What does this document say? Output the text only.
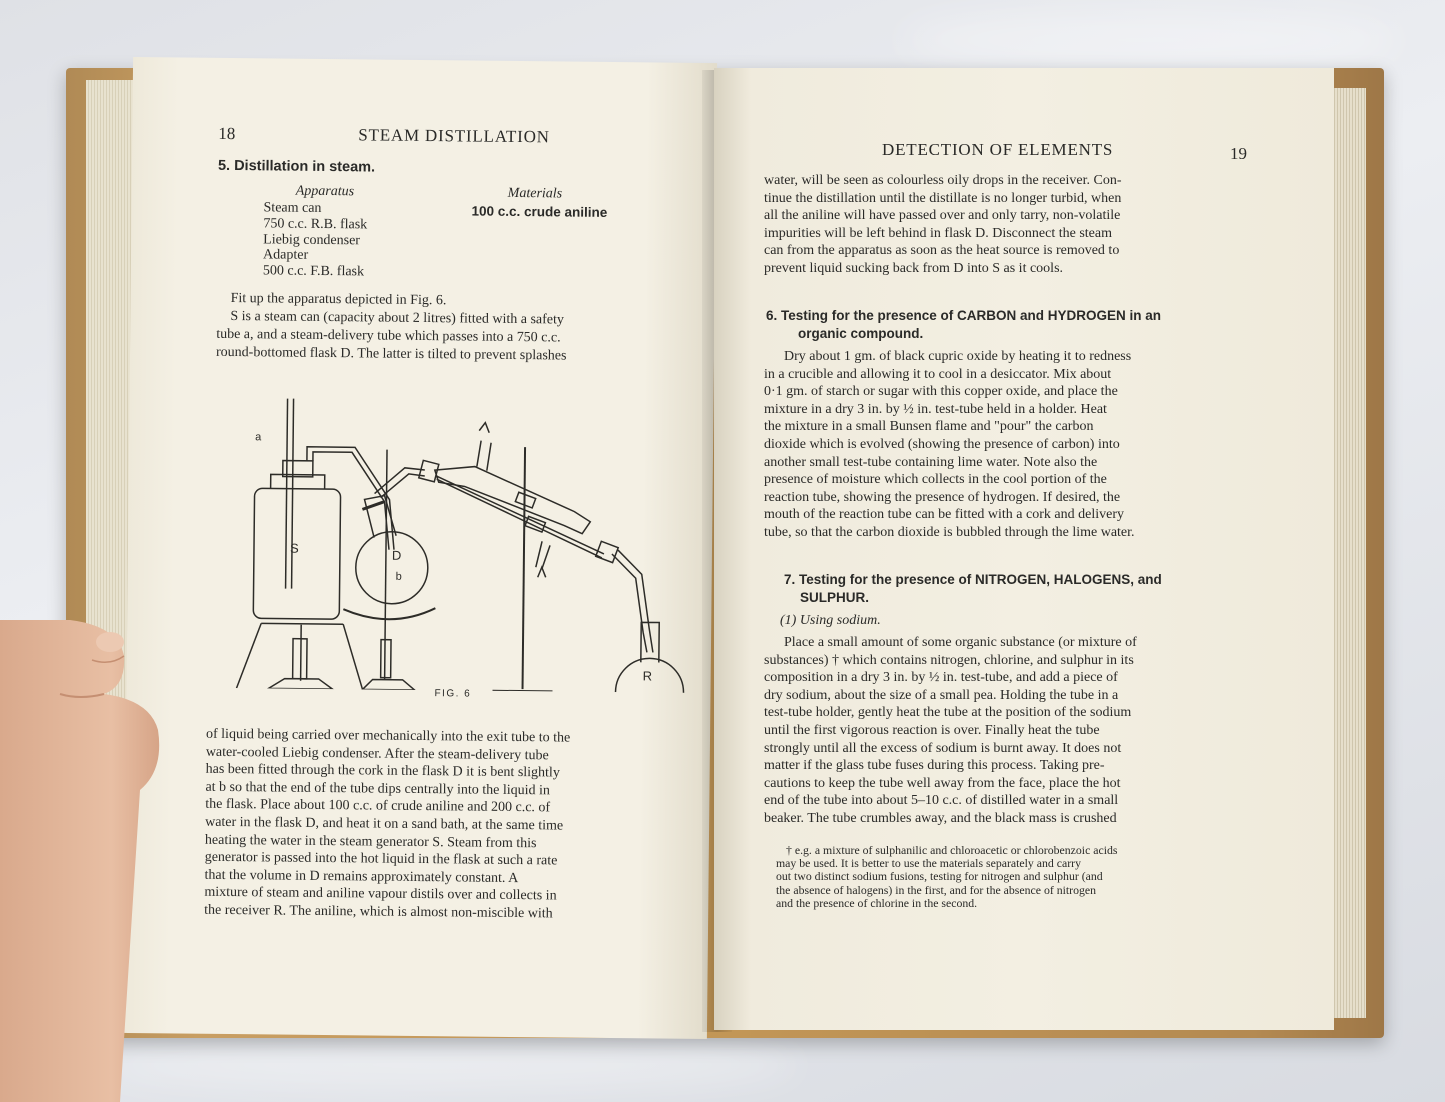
18	STEAM DISTILLATION
5. Distillation in steam.
Apparatus
Steam can
750 c.c. R.B. flask
Liebig condenser
Adapter
500 c.c. F.B. flask
Materials
100 c.c. crude aniline
Fit up the apparatus depicted in Fig. 6.
S is a steam can (capacity about 2 litres) fitted with a safety
tube a, and a steam-delivery tube which passes into a 750 c.c.
round-bottomed flask D. The latter is tilted to prevent splashes
a
S	D
b
R
FIG. 6
of liquid being carried over mechanically into the exit tube to the
water-cooled Liebig condenser. After the steam-delivery tube
has been fitted through the cork in the flask D it is bent slightly
at b so that the end of the tube dips centrally into the liquid in
the flask. Place about 100 c.c. of crude aniline and 200 c.c. of
water in the flask D, and heat it on a sand bath, at the same time
heating the water in the steam generator S. Steam from this
generator is passed into the hot liquid in the flask at such a rate
that the volume in D remains approximately constant. A
mixture of steam and aniline vapour distils over and collects in
the receiver R. The aniline, which is almost non-miscible with
DETECTION OF ELEMENTS	19
water, will be seen as colourless oily drops in the receiver. Con-
tinue the distillation until the distillate is no longer turbid, when
all the aniline will have passed over and only tarry, non-volatile
impurities will be left behind in flask D. Disconnect the steam
can from the apparatus as soon as the heat source is removed to
prevent liquid sucking back from D into S as it cools.
6. Testing for the presence of CARBON and HYDROGEN in an
organic compound.
Dry about 1 gm. of black cupric oxide by heating it to redness
in a crucible and allowing it to cool in a desiccator. Mix about
0·1 gm. of starch or sugar with this copper oxide, and place the
mixture in a dry 3 in. by ½ in. test-tube held in a holder. Heat
the mixture in a small Bunsen flame and "pour" the carbon
dioxide which is evolved (showing the presence of carbon) into
another small test-tube containing lime water. Note also the
presence of moisture which collects in the cool portion of the
reaction tube, showing the presence of hydrogen. If desired, the
mouth of the reaction tube can be fitted with a cork and delivery
tube, so that the carbon dioxide is bubbled through the lime water.
7. Testing for the presence of NITROGEN, HALOGENS, and
SULPHUR.
(1) Using sodium.
Place a small amount of some organic substance (or mixture of
substances) † which contains nitrogen, chlorine, and sulphur in its
composition in a dry 3 in. by ½ in. test-tube, and add a piece of
dry sodium, about the size of a small pea. Holding the tube in a
test-tube holder, gently heat the tube at the position of the sodium
until the first vigorous reaction is over. Finally heat the tube
strongly until all the excess of sodium is burnt away. It does not
matter if the glass tube fuses during this process. Taking pre-
cautions to keep the tube well away from the face, place the hot
end of the tube into about 5–10 c.c. of distilled water in a small
beaker. The tube crumbles away, and the black mass is crushed
† e.g. a mixture of sulphanilic and chloroacetic or chlorobenzoic acids
may be used. It is better to use the materials separately and carry
out two distinct sodium fusions, testing for nitrogen and sulphur (and
the absence of halogens) in the first, and for the absence of nitrogen
and the presence of chlorine in the second.
